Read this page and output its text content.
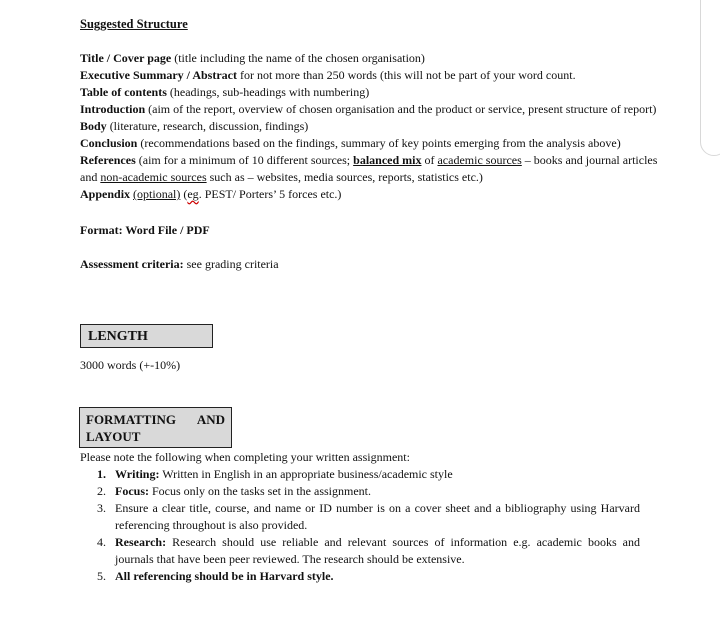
Suggested Structure
Title / Cover page (title including the name of the chosen organisation)
Executive Summary / Abstract for not more than 250 words (this will not be part of your word count.
Table of contents (headings, sub-headings with numbering)
Introduction (aim of the report, overview of chosen organisation and the product or service, present structure of report)
Body (literature, research, discussion, findings)
Conclusion (recommendations based on the findings, summary of key points emerging from the analysis above)
References (aim for a minimum of 10 different sources; balanced mix of academic sources – books and journal articles
and non-academic sources such as – websites, media sources, reports, statistics etc.)
Appendix (optional) (eg. PEST/ Porters’ 5 forces etc.)
Format: Word File / PDF
Assessment criteria: see grading criteria
LENGTH
3000 words (+-10%)
FORMATTING AND
LAYOUT
Please note the following when completing your written assignment:
1. Writing: Written in English in an appropriate business/academic style
2. Focus: Focus only on the tasks set in the assignment.
3. Ensure a clear title, course, and name or ID number is on a cover sheet and a bibliography using Harvard referencing throughout is also provided.
4. Research: Research should use reliable and relevant sources of information e.g. academic books and journals that have been peer reviewed. The research should be extensive.
5. All referencing should be in Harvard style.
